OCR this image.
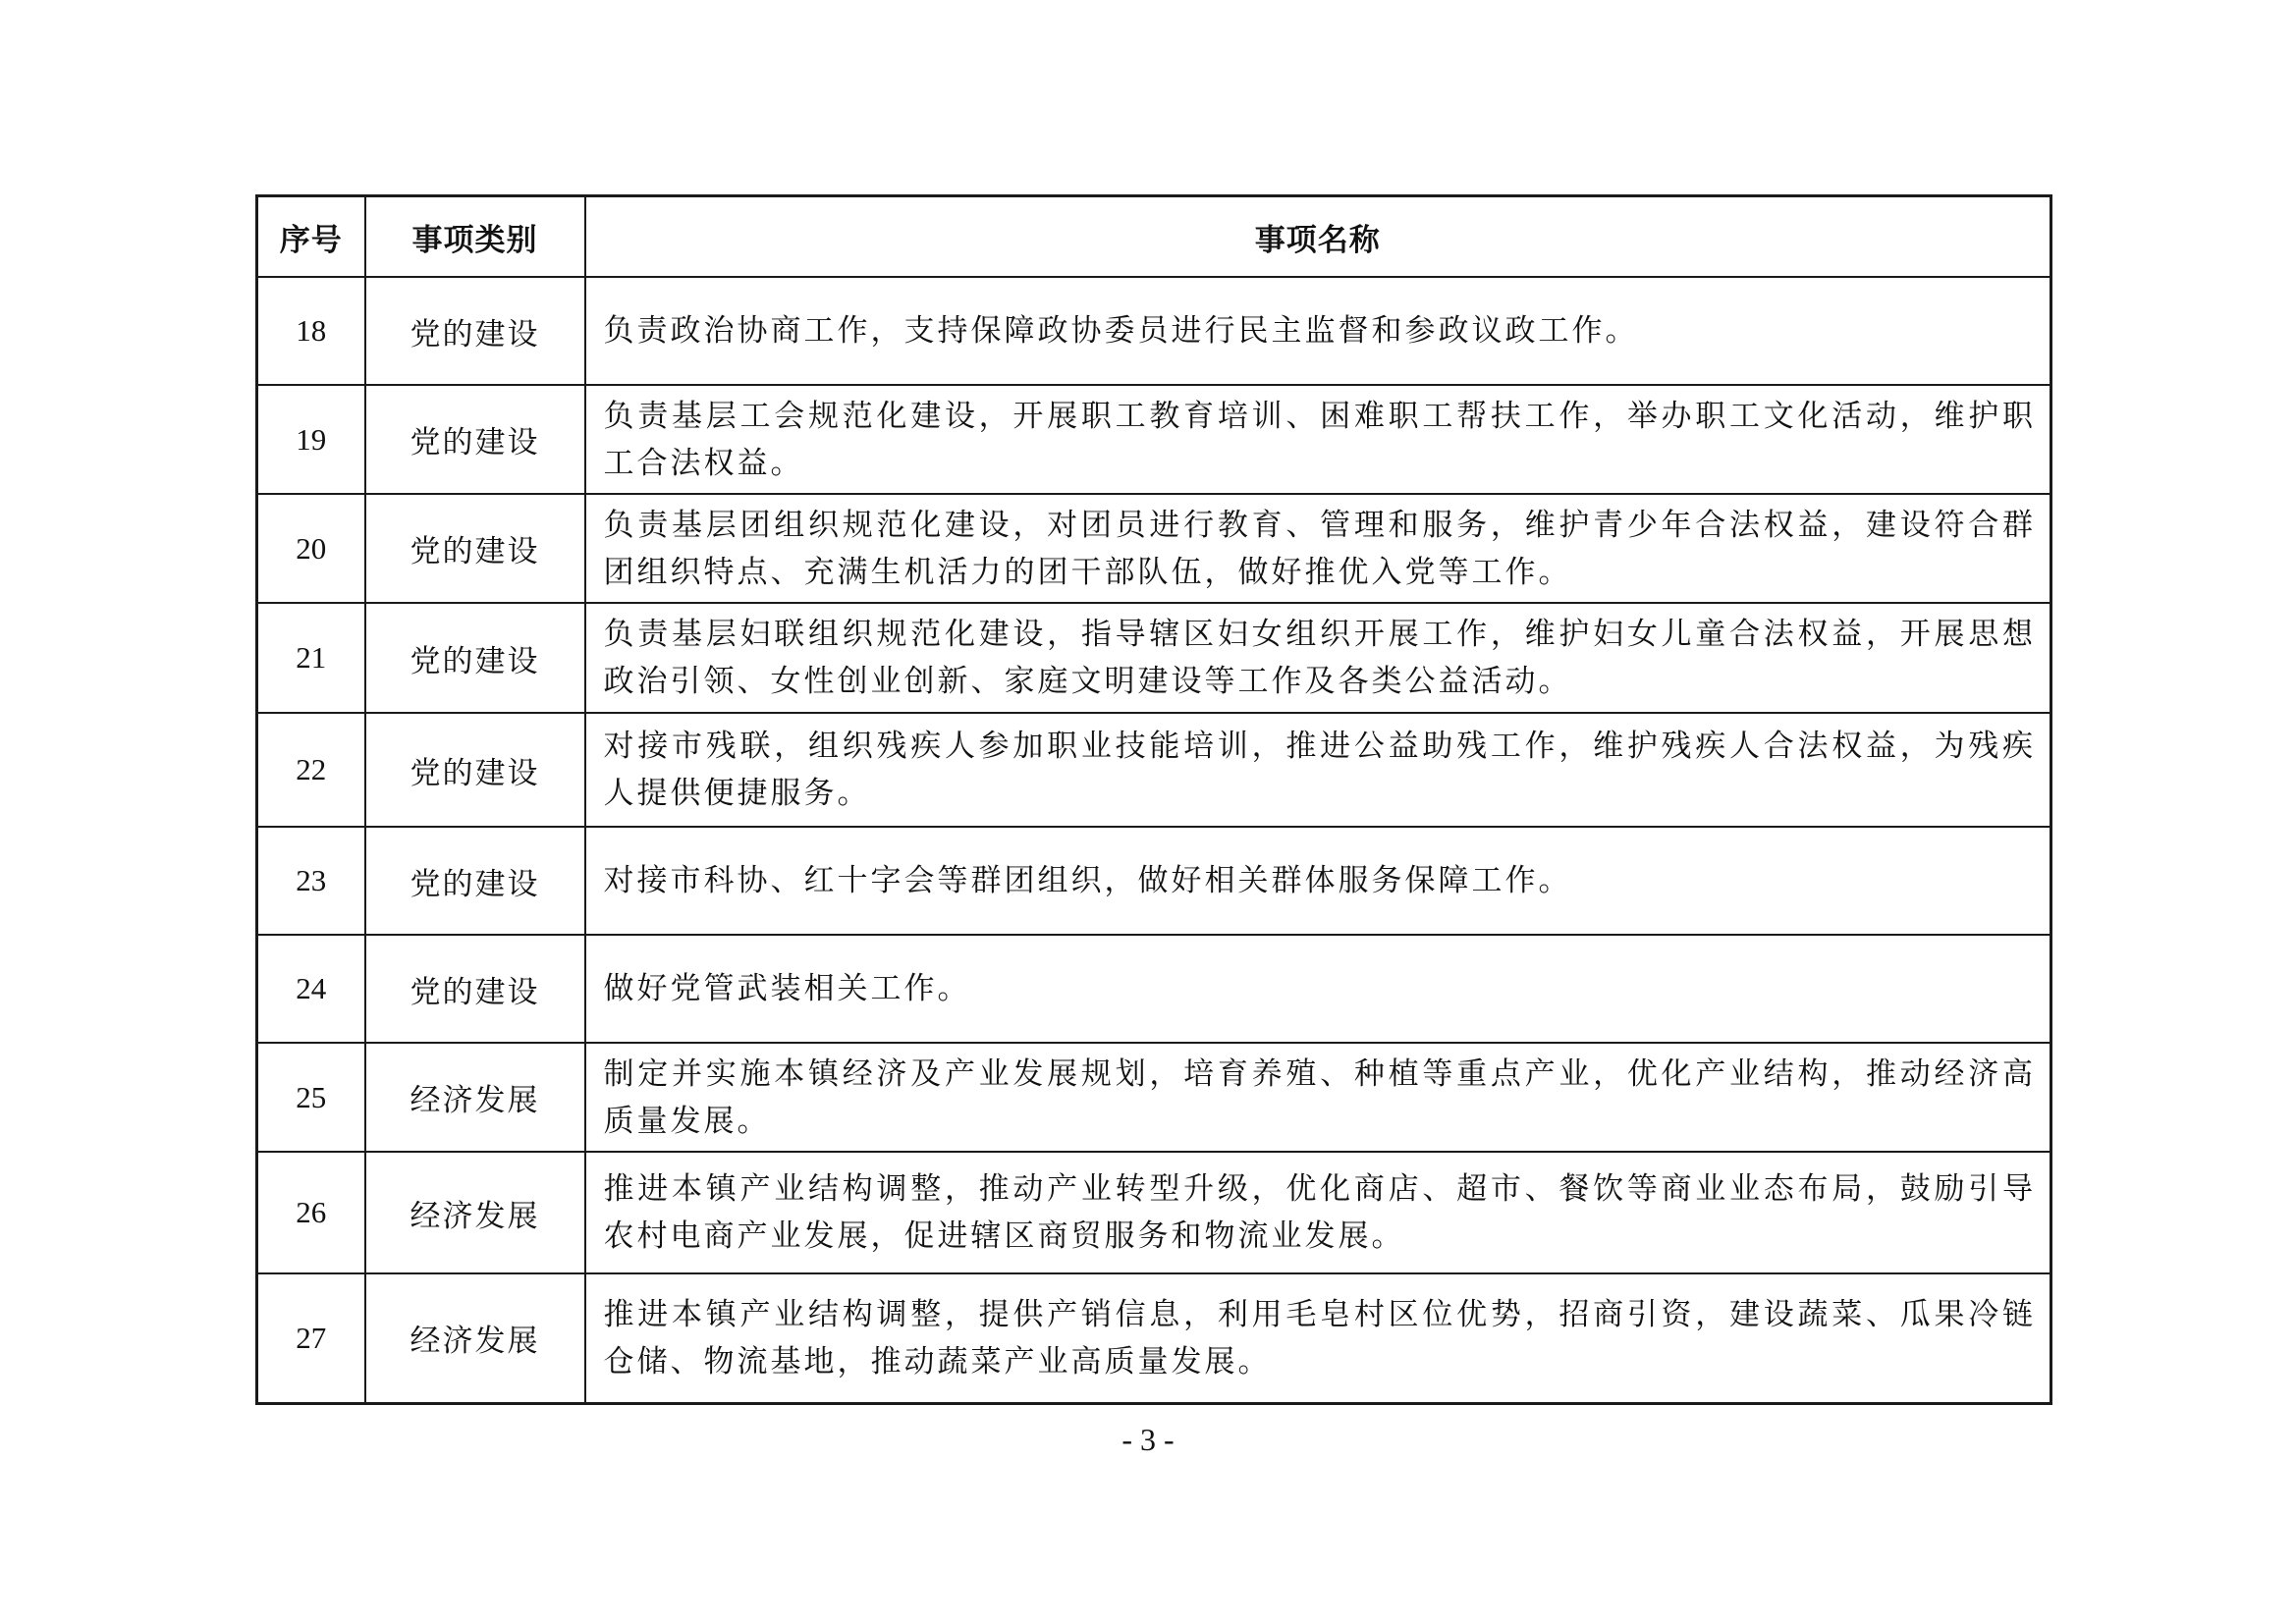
序号	事项类别	事项名称
18	党的建设	负责政治协商工作，支持保障政协委员进行民主监督和参政议政工作。
19	党的建设	负责基层工会规范化建设，开展职工教育培训、困难职工帮扶工作，举办职工文化活动，维护职工合法权益。
20	党的建设	负责基层团组织规范化建设，对团员进行教育、管理和服务，维护青少年合法权益，建设符合群团组织特点、充满生机活力的团干部队伍，做好推优入党等工作。
21	党的建设	负责基层妇联组织规范化建设，指导辖区妇女组织开展工作，维护妇女儿童合法权益，开展思想政治引领、女性创业创新、家庭文明建设等工作及各类公益活动。
22	党的建设	对接市残联，组织残疾人参加职业技能培训，推进公益助残工作，维护残疾人合法权益，为残疾人提供便捷服务。
23	党的建设	对接市科协、红十字会等群团组织，做好相关群体服务保障工作。
24	党的建设	做好党管武装相关工作。
25	经济发展	制定并实施本镇经济及产业发展规划，培育养殖、种植等重点产业，优化产业结构，推动经济高质量发展。
26	经济发展	推进本镇产业结构调整，推动产业转型升级，优化商店、超市、餐饮等商业业态布局，鼓励引导农村电商产业发展，促进辖区商贸服务和物流业发展。
27	经济发展	推进本镇产业结构调整，提供产销信息，利用毛皂村区位优势，招商引资，建设蔬菜、瓜果冷链仓储、物流基地，推动蔬菜产业高质量发展。
- 3 -
